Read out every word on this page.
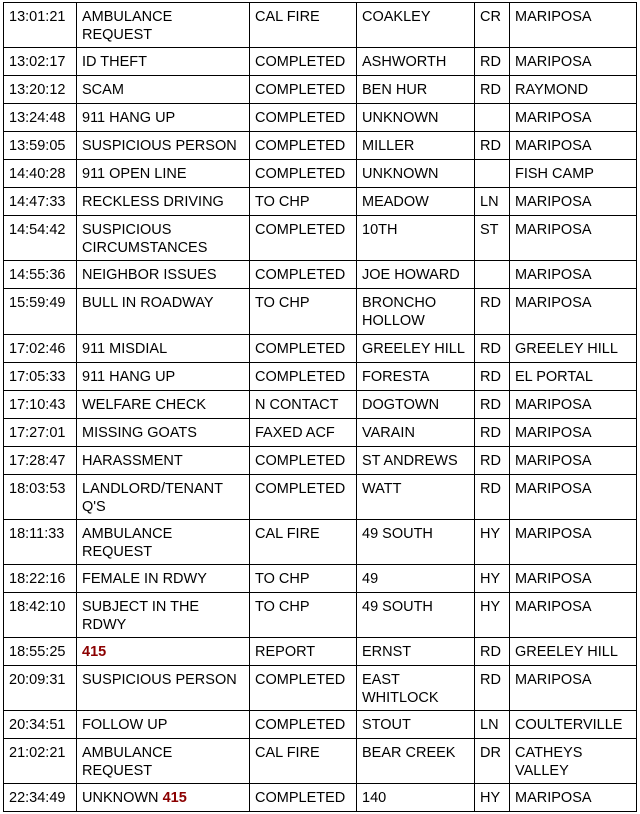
13:01:21	AMBULANCE REQUEST	CAL FIRE	COAKLEY	CR	MARIPOSA
13:02:17	ID THEFT	COMPLETED	ASHWORTH	RD	MARIPOSA
13:20:12	SCAM	COMPLETED	BEN HUR	RD	RAYMOND
13:24:48	911 HANG UP	COMPLETED	UNKNOWN		MARIPOSA
13:59:05	SUSPICIOUS PERSON	COMPLETED	MILLER	RD	MARIPOSA
14:40:28	911 OPEN LINE	COMPLETED	UNKNOWN		FISH CAMP
14:47:33	RECKLESS DRIVING	TO CHP	MEADOW	LN	MARIPOSA
14:54:42	SUSPICIOUS CIRCUMSTANCES	COMPLETED	10TH	ST	MARIPOSA
14:55:36	NEIGHBOR ISSUES	COMPLETED	JOE HOWARD		MARIPOSA
15:59:49	BULL IN ROADWAY	TO CHP	BRONCHO HOLLOW	RD	MARIPOSA
17:02:46	911 MISDIAL	COMPLETED	GREELEY HILL	RD	GREELEY HILL
17:05:33	911 HANG UP	COMPLETED	FORESTA	RD	EL PORTAL
17:10:43	WELFARE CHECK	N CONTACT	DOGTOWN	RD	MARIPOSA
17:27:01	MISSING GOATS	FAXED ACF	VARAIN	RD	MARIPOSA
17:28:47	HARASSMENT	COMPLETED	ST ANDREWS	RD	MARIPOSA
18:03:53	LANDLORD/TENANT Q'S	COMPLETED	WATT	RD	MARIPOSA
18:11:33	AMBULANCE REQUEST	CAL FIRE	49 SOUTH	HY	MARIPOSA
18:22:16	FEMALE IN RDWY	TO CHP	49	HY	MARIPOSA
18:42:10	SUBJECT IN THE RDWY	TO CHP	49 SOUTH	HY	MARIPOSA
18:55:25	415	REPORT	ERNST	RD	GREELEY HILL
20:09:31	SUSPICIOUS PERSON	COMPLETED	EAST WHITLOCK	RD	MARIPOSA
20:34:51	FOLLOW UP	COMPLETED	STOUT	LN	COULTERVILLE
21:02:21	AMBULANCE REQUEST	CAL FIRE	BEAR CREEK	DR	CATHEYS VALLEY
22:34:49	UNKNOWN 415	COMPLETED	140	HY	MARIPOSA
